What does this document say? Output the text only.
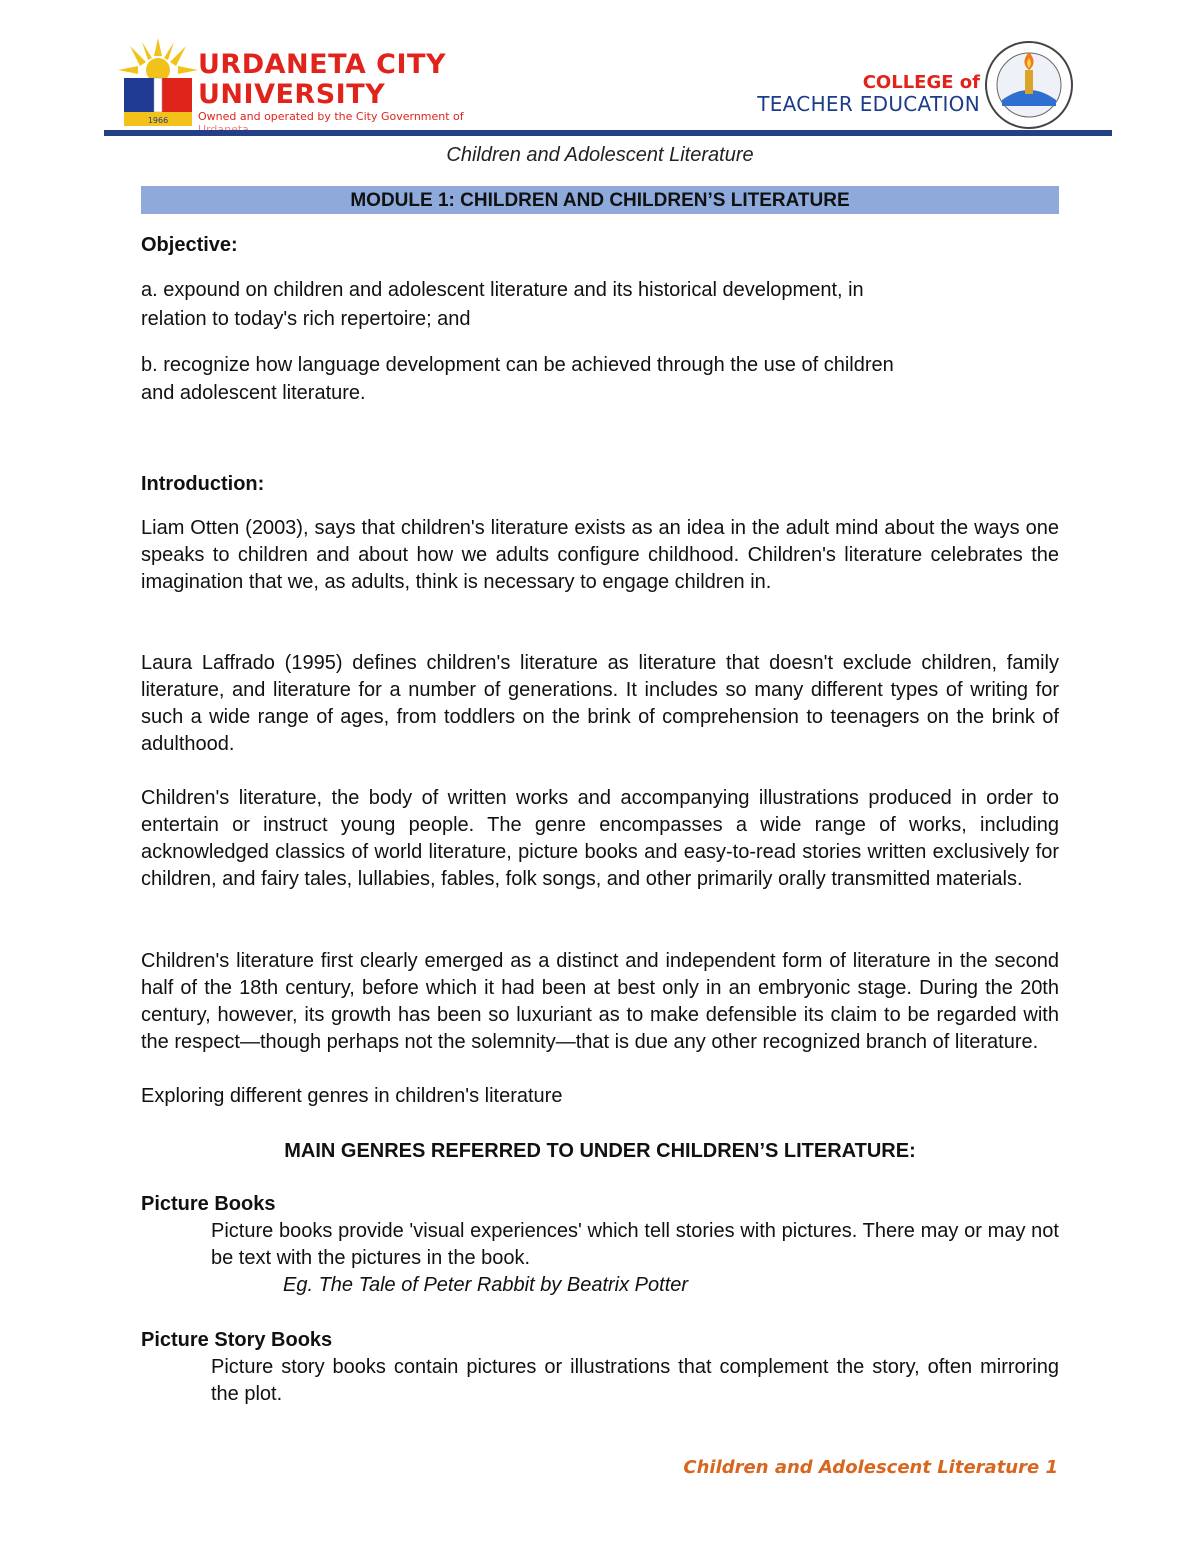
1966
URDANETA CITY
UNIVERSITY
Owned and operated by the City Government of
COLLEGE of
TEACHER EDUCATION
Children and Adolescent Literature
MODULE 1: CHILDREN AND CHILDREN’S LITERATURE
Objective:
a. expound on children and adolescent literature and its historical development, in
relation to today's rich repertoire; and
b. recognize how language development can be achieved through the use of children
and adolescent literature.
Introduction:

Liam Otten (2003), says that children's literature exists as an idea in the adult mind about the ways one speaks to children and about how we adults configure childhood. Children's literature celebrates the imagination that we, as adults, think is necessary to engage children in.

Laura Laffrado (1995) defines children's literature as literature that doesn't exclude children, family literature, and literature for a number of generations. It includes so many different types of writing for such a wide range of ages, from toddlers on the brink of comprehension to teenagers on the brink of adulthood.

Children's literature, the body of written works and accompanying illustrations produced in order to entertain or instruct young people. The genre encompasses a wide range of works, including acknowledged classics of world literature, picture books and easy-to-read stories written exclusively for children, and fairy tales, lullabies, fables, folk songs, and other primarily orally transmitted materials.

Children's literature first clearly emerged as a distinct and independent form of literature in the second half of the 18th century, before which it had been at best only in an embryonic stage. During the 20th century, however, its growth has been so luxuriant as to make defensible its claim to be regarded with the respect—though perhaps not the solemnity—that is due any other recognized branch of literature.

Exploring different genres in children's literature
MAIN GENRES REFERRED TO UNDER CHILDREN’S LITERATURE:
Picture Books

Picture books provide 'visual experiences' which tell stories with pictures. There may or may not be text with the pictures in the book.

Eg. The Tale of Peter Rabbit by Beatrix Potter
Picture Story Books

Picture story books contain pictures or illustrations that complement the story, often mirroring the plot.

Children and Adolescent Literature 1
